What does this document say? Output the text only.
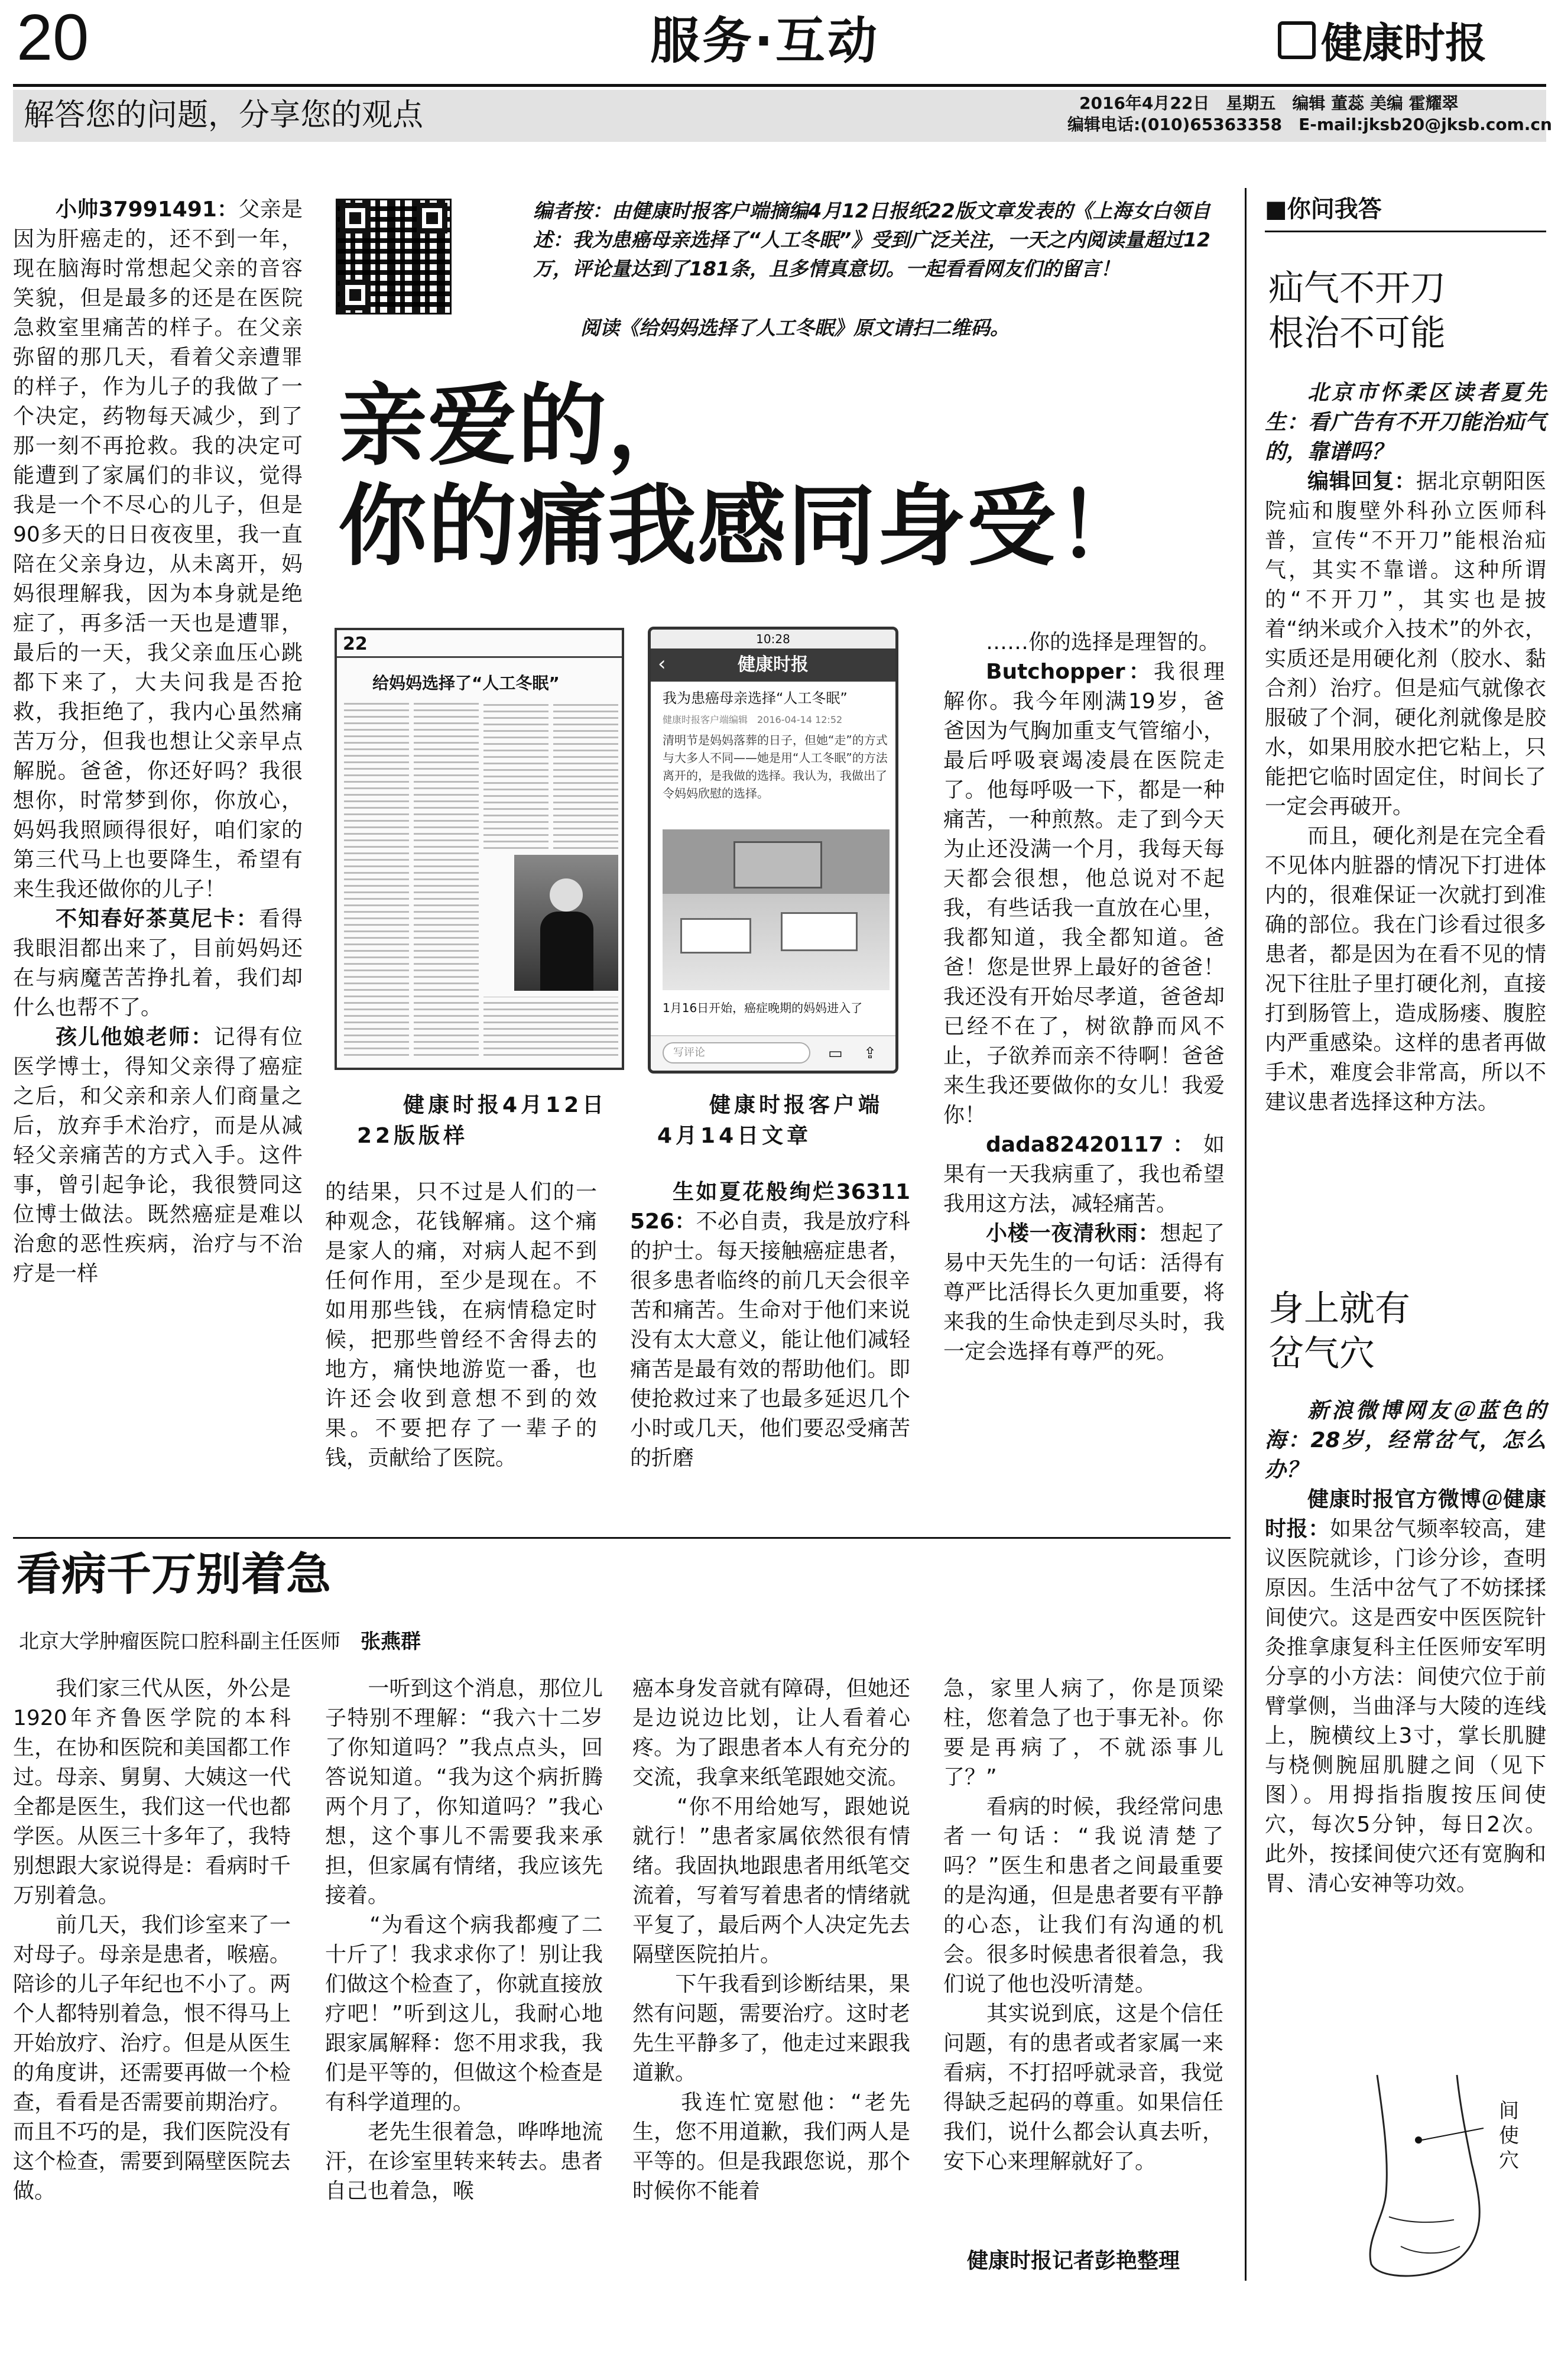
20	服务·互动	健康时报
解答您的问题，分享您的观点	2016年4月22日　星期五　编辑 董蕊 美编 霍耀翠
编辑电话:(010)65363358　E-mail:jksb20@jksb.com.cn
编者按：由健康时报客户端摘编4月12日报纸22版文章发表的《上海女白领自述：我为患癌母亲选择了“人工冬眠”》受到广泛关注，一天之内阅读量超过12万，评论量达到了181条，且多情真意切。一起看看网友们的留言！
阅读《给妈妈选择了人工冬眠》原文请扫二维码。
亲爱的，
你的痛我感同身受！
22
给妈妈选择了“人工冬眠”
10:28
健康时报
‹
我为患癌母亲选择“人工冬眠”
健康时报客户端编辑　2016-04-14 12:52
清明节是妈妈落葬的日子，但她“走”的方式与大多人不同——她是用“人工冬眠”的方法离开的，是我做的选择。我认为，我做出了令妈妈欣慰的选择。
1月16日开始，癌症晚期的妈妈进入了
写评论	▭ ⇪
健康时报4月12日
22版版样
健康时报客户端
4月14日文章

小帅37991491：父亲是因为肝癌走的，还不到一年，现在脑海时常想起父亲的音容笑貌，但是最多的还是在医院急救室里痛苦的样子。在父亲弥留的那几天，看着父亲遭罪的样子，作为儿子的我做了一个决定，药物每天减少，到了那一刻不再抢救。我的决定可能遭到了家属们的非议，觉得我是一个不尽心的儿子，但是90多天的日日夜夜里，我一直陪在父亲身边，从未离开，妈妈很理解我，因为本身就是绝症了，再多活一天也是遭罪，最后的一天，我父亲血压心跳都下来了，大夫问我是否抢救，我拒绝了，我内心虽然痛苦万分，但我也想让父亲早点解脱。爸爸，你还好吗？我很想你，时常梦到你，你放心，妈妈我照顾得很好，咱们家的第三代马上也要降生，希望有来生我还做你的儿子！

不知春好茶莫尼卡：看得我眼泪都出来了，目前妈妈还在与病魔苦苦挣扎着，我们却什么也帮不了。

孩儿他娘老师：记得有位医学博士，得知父亲得了癌症之后，和父亲和亲人们商量之后，放弃手术治疗，而是从减轻父亲痛苦的方式入手。这件事，曾引起争论，我很赞同这位博士做法。既然癌症是难以治愈的恶性疾病，治疗与不治疗是一样

的结果，只不过是人们的一种观念，花钱解痛。这个痛是家人的痛，对病人起不到任何作用，至少是现在。不如用那些钱，在病情稳定时候，把那些曾经不舍得去的地方，痛快地游览一番，也许还会收到意想不到的效果。不要把存了一辈子的钱，贡献给了医院。

生如夏花般绚烂36311526：不必自责，我是放疗科的护士。每天接触癌症患者，很多患者临终的前几天会很辛苦和痛苦。生命对于他们来说没有太大意义，能让他们减轻痛苦是最有效的帮助他们。即使抢救过来了也最多延迟几个小时或几天，他们要忍受痛苦的折磨

……你的选择是理智的。

Butchopper：我很理解你。我今年刚满19岁，爸爸因为气胸加重支气管缩小，最后呼吸衰竭凌晨在医院走了。他每呼吸一下，都是一种痛苦，一种煎熬。走了到今天为止还没满一个月，我每天每天都会很想，他总说对不起我，有些话我一直放在心里，我都知道，我全都知道。爸爸！您是世界上最好的爸爸！我还没有开始尽孝道，爸爸却已经不在了，树欲静而风不止，子欲养而亲不待啊！爸爸来生我还要做你的女儿！我爱你！

dada82420117：如果有一天我病重了，我也希望我用这方法，减轻痛苦。

小楼一夜清秋雨：想起了易中天先生的一句话：活得有尊严比活得长久更加重要，将来我的生命快走到尽头时，我一定会选择有尊严的死。

■你问我答
疝气不开刀
根治不可能

北京市怀柔区读者夏先生：看广告有不开刀能治疝气的，靠谱吗？

编辑回复：据北京朝阳医院疝和腹壁外科孙立医师科普，宣传“不开刀”能根治疝气，其实不靠谱。这种所谓的“不开刀”，其实也是披着“纳米或介入技术”的外衣，实质还是用硬化剂（胶水、黏合剂）治疗。但是疝气就像衣服破了个洞，硬化剂就像是胶水，如果用胶水把它粘上，只能把它临时固定住，时间长了一定会再破开。

而且，硬化剂是在完全看不见体内脏器的情况下打进体内的，很难保证一次就打到准确的部位。我在门诊看过很多患者，都是因为在看不见的情况下往肚子里打硬化剂，直接打到肠管上，造成肠瘘、腹腔内严重感染。这样的患者再做手术，难度会非常高，所以不建议患者选择这种方法。

身上就有
岔气穴

新浪微博网友＠蓝色的海：28岁，经常岔气，怎么办？

健康时报官方微博＠健康时报：如果岔气频率较高，建议医院就诊，门诊分诊，查明原因。生活中岔气了不妨揉揉间使穴。这是西安中医医院针灸推拿康复科主任医师安军明分享的小方法：间使穴位于前臂掌侧，当曲泽与大陵的连线上，腕横纹上3寸，掌长肌腱与桡侧腕屈肌腱之间（见下图）。用拇指指腹按压间使穴，每次5分钟，每日2次。此外，按揉间使穴还有宽胸和胃、清心安神等功效。

间使穴
看病千万别着急
北京大学肿瘤医院口腔科副主任医师　 张燕群
　　我们家三代从医，外公是1920年齐鲁医学院的本科生，在协和医院和美国都工作过。母亲、舅舅、大姨这一代全都是医生，我们这一代也都学医。从医三十多年了，我特别想跟大家说得是：看病时千万别着急。
　　前几天，我们诊室来了一对母子。母亲是患者，喉癌。陪诊的儿子年纪也不小了。两个人都特别着急，恨不得马上开始放疗、治疗。但是从医生的角度讲，还需要再做一个检查，看看是否需要前期治疗。而且不巧的是，我们医院没有这个检查，需要到隔壁医院去做。
　　一听到这个消息，那位儿子特别不理解：“我六十二岁了你知道吗？”我点点头，回答说知道。“我为这个病折腾两个月了，你知道吗？”我心想，这个事儿不需要我来承担，但家属有情绪，我应该先接着。
　　“为看这个病我都瘦了二十斤了！我求求你了！别让我们做这个检查了，你就直接放疗吧！”听到这儿，我耐心地跟家属解释：您不用求我，我们是平等的，但做这个检查是有科学道理的。
　　老先生很着急，哗哗地流汗，在诊室里转来转去。患者自己也着急，喉
癌本身发音就有障碍，但她还是边说边比划，让人看着心疼。为了跟患者本人有充分的交流，我拿来纸笔跟她交流。
　　“你不用给她写，跟她说就行！”患者家属依然很有情绪。我固执地跟患者用纸笔交流着，写着写着患者的情绪就平复了，最后两个人决定先去隔壁医院拍片。
　　下午我看到诊断结果，果然有问题，需要治疗。这时老先生平静多了，他走过来跟我道歉。
　　我连忙宽慰他：“老先生，您不用道歉，我们两人是平等的。但是我跟您说，那个时候你不能着
急，家里人病了，你是顶梁柱，您着急了也于事无补。你要是再病了，不就添事儿了？”
　　看病的时候，我经常问患者一句话：“我说清楚了吗？”医生和患者之间最重要的是沟通，但是患者要有平静的心态，让我们有沟通的机会。很多时候患者很着急，我们说了他也没听清楚。
　　其实说到底，这是个信任问题，有的患者或者家属一来看病，不打招呼就录音，我觉得缺乏起码的尊重。如果信任我们，说什么都会认真去听，安下心来理解就好了。
健康时报记者彭艳整理
